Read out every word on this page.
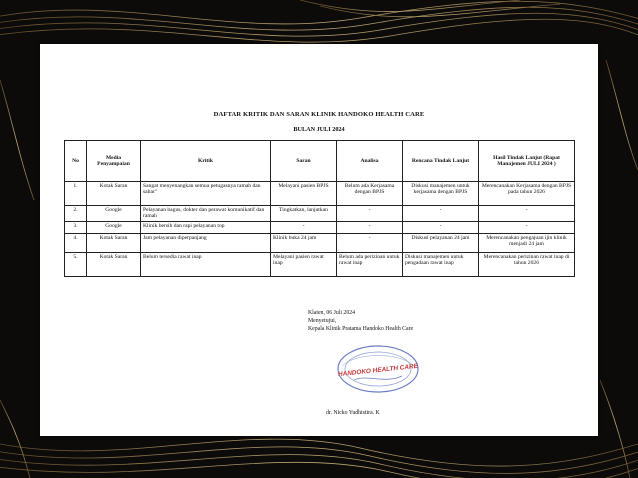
DAFTAR KRITIK DAN SARAN KLINIK HANDOKO HEALTH CARE
BULAN JULI 2024
No	Media Penyampaian	Kritik	Saran	Analisa	Rencana Tindak Lanjut	Hasil Tindak Lanjut (Rapat Manajemen JULI 2024 )
1.	Kotak Saran	Sangat menyenangkan semua petugasnya ramah dan sabar"	Melayani pasien BPJS	Belum ada Kerjasama dengan BPJS	Diskusi manajemen untuk kerjasama dengan BPJS	Merencanakan Kerjasama dengan BPJS pada tahun 2026
2.	Google	Pelayanan bagus, dokter dan perawat komunikatif dan ramah	Tingkatkan, lanjutkan	-	-	-
3.	Google	Klinik bersih dan rapi pelayanan top	-	-	-	-
4.	Kotak Saran	Jam pelayanan diperpanjang	Klinik buka 24 jam	-	Diskusi pelayanan 24 jam	Merencanakan pengajuan ijin klinik menjadi 24 jam
5.	Kotak Saran	Belum tersedia rawat inap	Melayani pasien rawat inap	Belum ada perizinan untuk rawat inap	Diskusi manajemen untuk pengadaan rawat inap	Merencanakan perizinan rawat inap di tahun 2026
Klaten, 06 Juli 2024
Menyetujui,
Kepala Klinik Pratama Handoko Health Care
HANDOKO HEALTH CARE
dr. Nicko Yudhistira. K
